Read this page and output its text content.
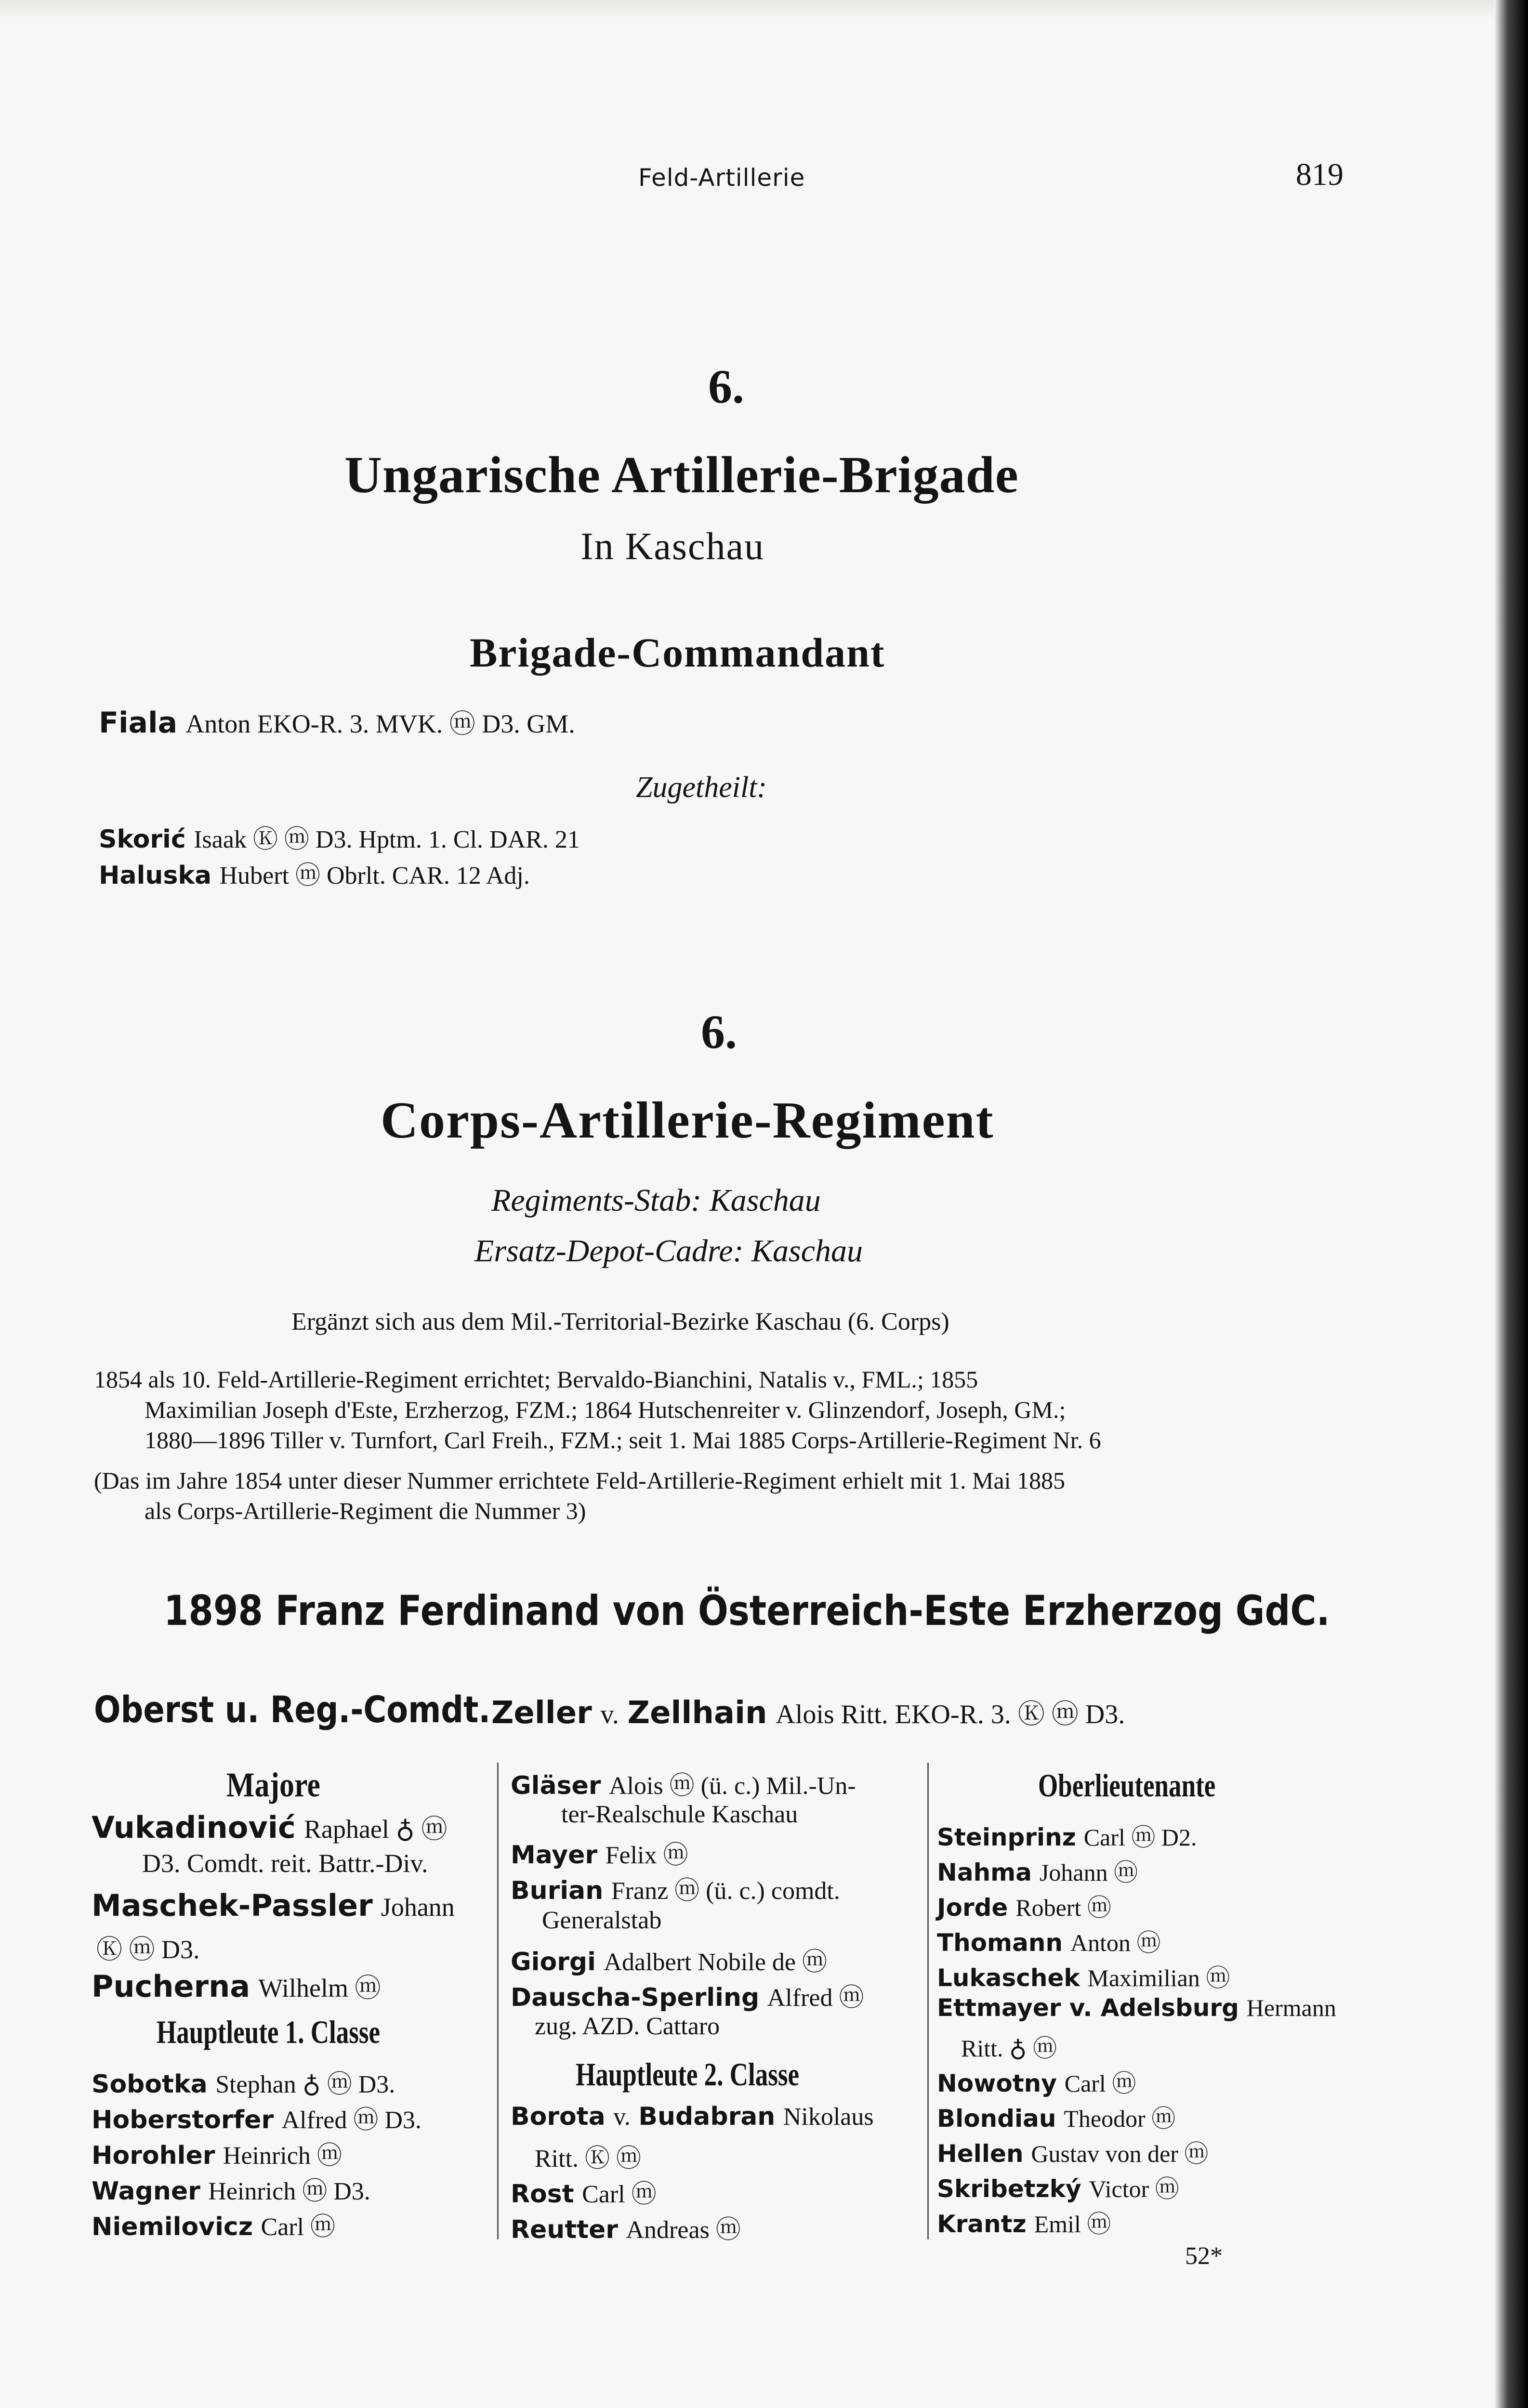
Feld-Artillerie	819
6.
Ungarische Artillerie-Brigade
In Kaschau
Brigade-Commandant
Fiala Anton EKO-R. 3. MVK. ⓜ D3. GM.
Zugetheilt:
Skorić Isaak Ⓚ ⓜ D3. Hptm. 1. Cl. DAR. 21
Haluska Hubert ⓜ Obrlt. CAR. 12 Adj.
6.
Corps-Artillerie-Regiment
Regiments-Stab: Kaschau
Ersatz-Depot-Cadre: Kaschau
Ergänzt sich aus dem Mil.-Territorial-Bezirke Kaschau (6. Corps)
1854 als 10. Feld-Artillerie-Regiment errichtet; Bervaldo-Bianchini, Natalis v., FML.; 1855
Maximilian Joseph d'Este, Erzherzog, FZM.; 1864 Hutschenreiter v. Glinzendorf, Joseph, GM.;
1880—1896 Tiller v. Turnfort, Carl Freih., FZM.; seit 1. Mai 1885 Corps-Artillerie-Regiment Nr. 6
(Das im Jahre 1854 unter dieser Nummer errichtete Feld-Artillerie-Regiment erhielt mit 1. Mai 1885
als Corps-Artillerie-Regiment die Nummer 3)
1898 Franz Ferdinand von Österreich-Este Erzherzog GdC.
Oberst u. Reg.-Comdt. Zeller v. Zellhain Alois Ritt. EKO-R. 3. Ⓚ ⓜ D3.
Majore
Vukadinović Raphael ♁ ⓜ
D3. Comdt. reit. Battr.-Div.
Maschek-Passler Johann
Ⓚ ⓜ D3.
Pucherna Wilhelm ⓜ
Hauptleute 1. Classe
Sobotka Stephan ♁ ⓜ D3.
Hoberstorfer Alfred ⓜ D3.
Horohler Heinrich ⓜ
Wagner Heinrich ⓜ D3.
Niemilovicz Carl ⓜ
Gläser Alois ⓜ (ü. c.) Mil.-Un-
ter-Realschule Kaschau
Mayer Felix ⓜ
Burian Franz ⓜ (ü. c.) comdt.
Generalstab
Giorgi Adalbert Nobile de ⓜ
Dauscha-Sperling Alfred ⓜ
zug. AZD. Cattaro
Hauptleute 2. Classe
Borota v. Budabran Nikolaus
Ritt. Ⓚ ⓜ
Rost Carl ⓜ
Reutter Andreas ⓜ
Oberlieutenante
Steinprinz Carl ⓜ D2.
Nahma Johann ⓜ
Jorde Robert ⓜ
Thomann Anton ⓜ
Lukaschek Maximilian ⓜ
Ettmayer v. Adelsburg Hermann
Ritt. ♁ ⓜ
Nowotny Carl ⓜ
Blondiau Theodor ⓜ
Hellen Gustav von der ⓜ
Skribetzký Victor ⓜ
Krantz Emil ⓜ
52*
